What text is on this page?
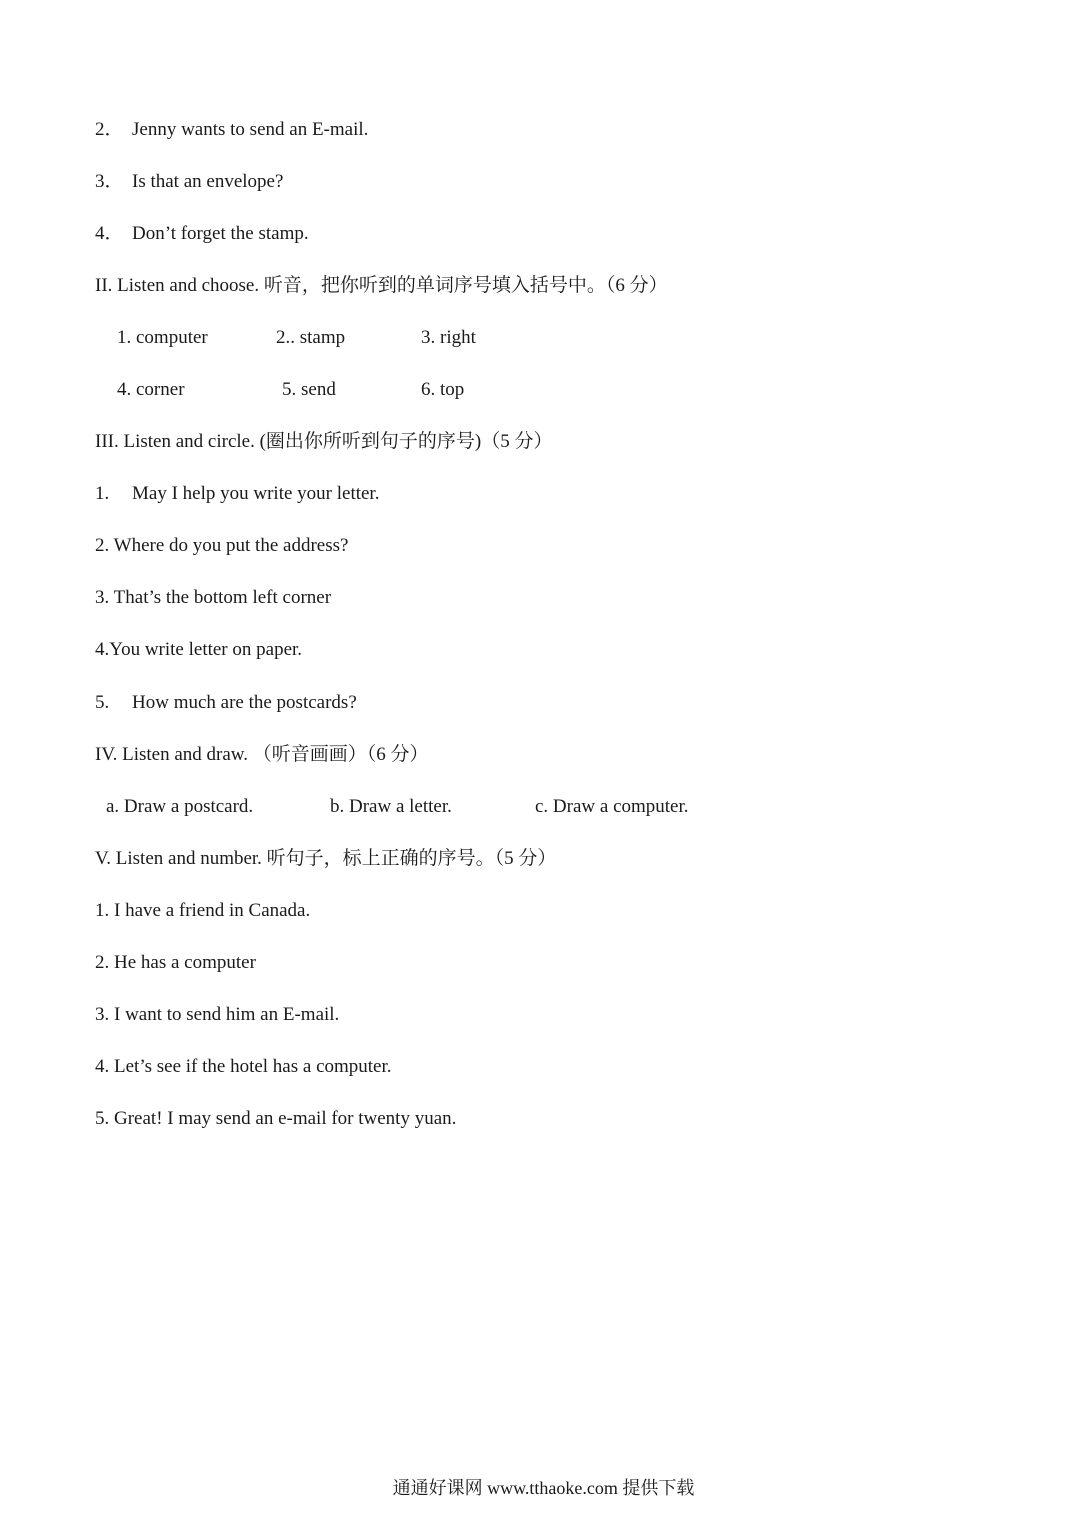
2． Jenny wants to send an E-mail.
3． Is that an envelope?
4． Don’t forget the stamp.
II. Listen and choose. 听音，把你听到的单词序号填入括号中。（6 分）
1. computer	2.. stamp	3. right
4. corner	5. send	6. top
III. Listen and circle. (圈出你所听到句子的序号)（5 分）
1. May I help you write your letter.
2. Where do you put the address?
3. That’s the bottom left corner
4.You write letter on paper.
5. How much are the postcards?
IV. Listen and draw. （听音画画）（6 分）
a. Draw a postcard.	b. Draw a letter.	c. Draw a computer.
V. Listen and number. 听句子，标上正确的序号。（5 分）
1. I have a friend in Canada.
2. He has a computer
3. I want to send him an E-mail.
4. Let’s see if the hotel has a computer.
5. Great! I may send an e-mail for twenty yuan.
通通好课网 www.tthaoke.com 提供下载
